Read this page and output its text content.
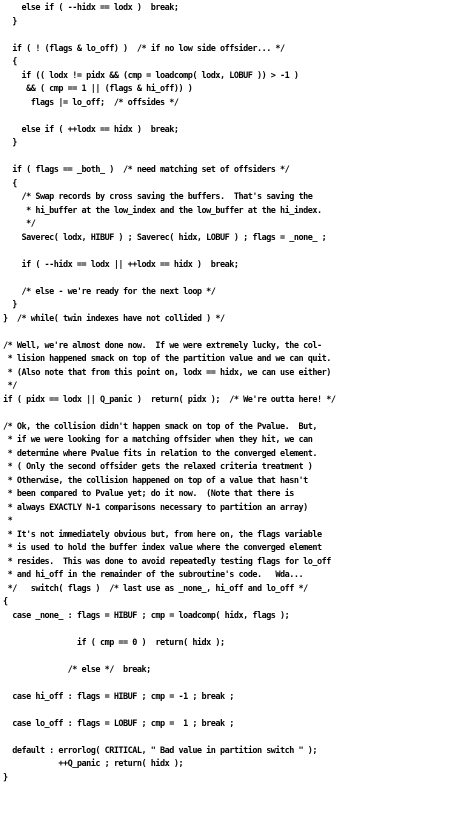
else if ( --hidx == lodx )  break;
}
if ( ! (flags & lo_off) )  /* if no low side offsider... */
{
if (( lodx != pidx && (cmp = loadcomp( lodx, LOBUF )) > -1 )
&& ( cmp == 1 || (flags & hi_off)) )
flags |= lo_off;  /* offsides */
else if ( ++lodx == hidx )  break;
}
if ( flags == _both_ )  /* need matching set of offsiders */
{
/* Swap records by cross saving the buffers.  That's saving the
* hi_buffer at the low_index and the low_buffer at the hi_index.
*/
Saverec( lodx, HIBUF ) ; Saverec( hidx, LOBUF ) ; flags = _none_ ;
if ( --hidx == lodx || ++lodx == hidx )  break;
/* else - we're ready for the next loop */
}
}  /* while( twin indexes have not collided ) */
/* Well, we're almost done now.  If we were extremely lucky, the col-
* lision happened smack on top of the partition value and we can quit.
* (Also note that from this point on, lodx == hidx, we can use either)
*/
if ( pidx == lodx || Q_panic )  return( pidx );  /* We're outta here! */
/* Ok, the collision didn't happen smack on top of the Pvalue.  But,
* if we were looking for a matching offsider when they hit, we can
* determine where Pvalue fits in relation to the converged element.
* ( Only the second offsider gets the relaxed criteria treatment )
* Otherwise, the collision happened on top of a value that hasn't
* been compared to Pvalue yet; do it now.  (Note that there is
* always EXACTLY N-1 comparisons necessary to partition an array)
*
* It's not immediately obvious but, from here on, the flags variable
* is used to hold the buffer index value where the converged element
* resides.  This was done to avoid repeatedly testing flags for lo_off
* and hi_off in the remainder of the subroutine's code.   Wda...
*/   switch( flags )  /* last use as _none_, hi_off and lo_off */
{
case _none_ : flags = HIBUF ; cmp = loadcomp( hidx, flags );
if ( cmp == 0 )  return( hidx );
/* else */  break;
case hi_off : flags = HIBUF ; cmp = -1 ; break ;
case lo_off : flags = LOBUF ; cmp =  1 ; break ;
default : errorlog( CRITICAL, " Bad value in partition switch " );
++Q_panic ; return( hidx );
}
